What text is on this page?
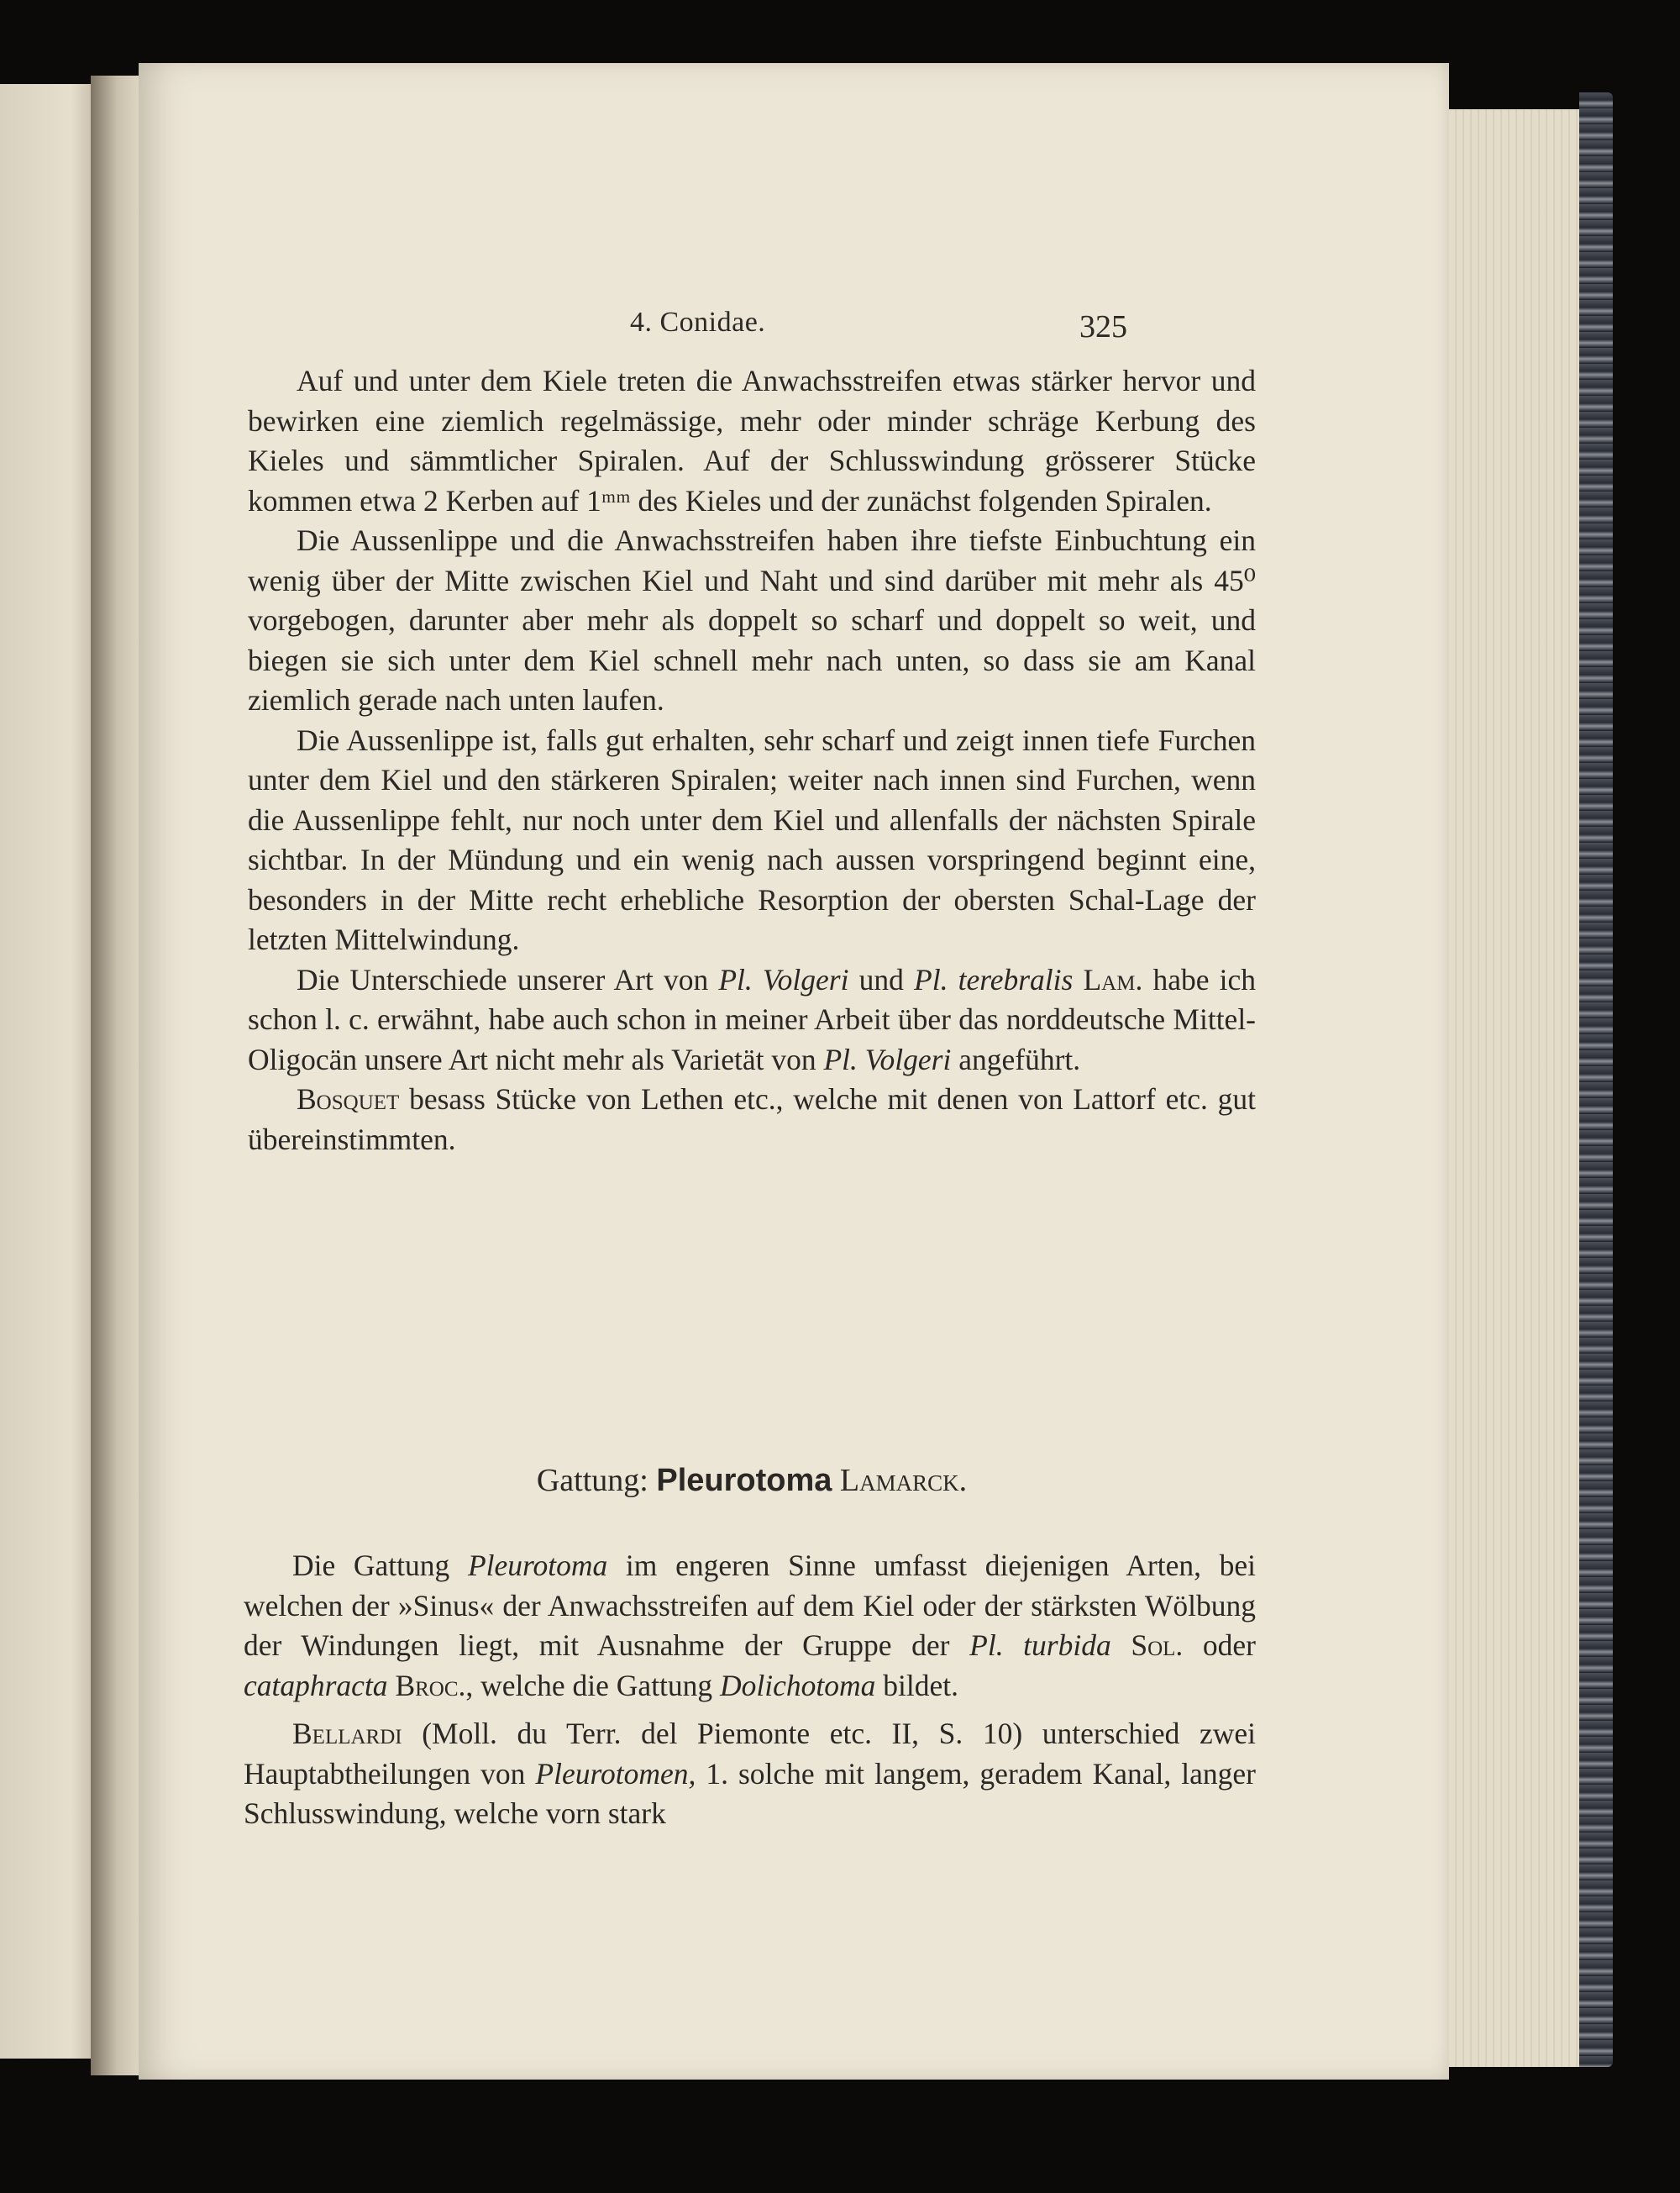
4. Conidae.	325

Auf und unter dem Kiele treten die Anwachsstreifen etwas stärker hervor und bewirken eine ziemlich regelmässige, mehr oder minder schräge Kerbung des Kieles und sämmtlicher Spiralen. Auf der Schlusswindung grösserer Stücke kommen etwa 2 Kerben auf 1ᵐᵐ des Kieles und der zunächst folgenden Spiralen.

Die Aussenlippe und die Anwachsstreifen haben ihre tiefste Einbuchtung ein wenig über der Mitte zwischen Kiel und Naht und sind darüber mit mehr als 45⁰ vorgebogen, darunter aber mehr als doppelt so scharf und doppelt so weit, und biegen sie sich unter dem Kiel schnell mehr nach unten, so dass sie am Kanal ziemlich gerade nach unten laufen.

Die Aussenlippe ist, falls gut erhalten, sehr scharf und zeigt innen tiefe Furchen unter dem Kiel und den stärkeren Spiralen; weiter nach innen sind Furchen, wenn die Aussenlippe fehlt, nur noch unter dem Kiel und allenfalls der nächsten Spirale sichtbar. In der Mündung und ein wenig nach aussen vorspringend beginnt eine, besonders in der Mitte recht erhebliche Resorption der obersten Schal-Lage der letzten Mittelwindung.

Die Unterschiede unserer Art von Pl. Volgeri und Pl. terebralis Lam. habe ich schon l. c. erwähnt, habe auch schon in meiner Arbeit über das norddeutsche Mittel-Oligocän unsere Art nicht mehr als Varietät von Pl. Volgeri angeführt.

Bosquet besass Stücke von Lethen etc., welche mit denen von Lattorf etc. gut übereinstimmten.

Gattung: Pleurotoma Lamarck.

Die Gattung Pleurotoma im engeren Sinne umfasst diejenigen Arten, bei welchen der »Sinus« der Anwachsstreifen auf dem Kiel oder der stärksten Wölbung der Windungen liegt, mit Ausnahme der Gruppe der Pl. turbida Sol. oder cataphracta Broc., welche die Gattung Dolichotoma bildet.

Bellardi (Moll. du Terr. del Piemonte etc. II, S. 10) unterschied zwei Hauptabtheilungen von Pleurotomen, 1. solche mit langem, geradem Kanal, langer Schlusswindung, welche vorn stark
